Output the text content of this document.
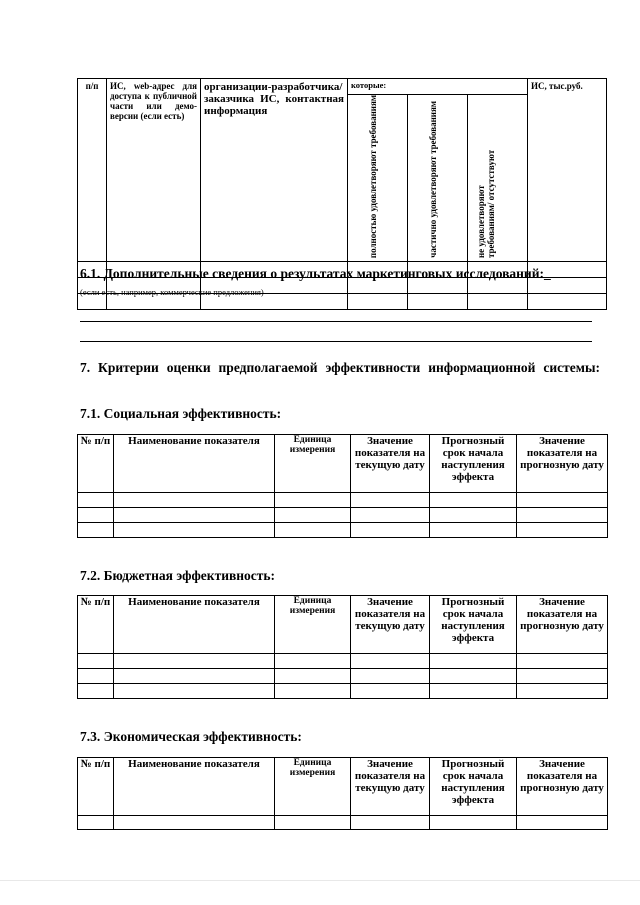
п/п	ИС, web-адрес для доступа к публичной части или демо-версии (если есть)	организации-разработчика/заказчика ИС, контактная информация	которые:			ИС, тыс.руб.

			полностью удовлетворяют требованиям	частично удовлетворяют требованиям	не удовлетворяют требованиям/ отсутствуют	

6.1. Дополнительные сведения о результатах маркетинговых исследований:_

(если есть, например, коммерческие предложения)

7. Критерии оценки предполагаемой эффективности информационной системы:

7.1. Социальная эффективность:

№ п/п	Наименование показателя	Единица измерения	Значение показателя на текущую дату	Прогнозный срок начала наступления эффекта	Значение показателя на прогнозную дату

7.2. Бюджетная эффективность:

№ п/п	Наименование показателя	Единица измерения	Значение показателя на текущую дату	Прогнозный срок начала наступления эффекта	Значение показателя на прогнозную дату

7.3. Экономическая эффективность:

№ п/п	Наименование показателя	Единица измерения	Значение показателя на текущую дату	Прогнозный срок начала наступления эффекта	Значение показателя на прогнозную дату
